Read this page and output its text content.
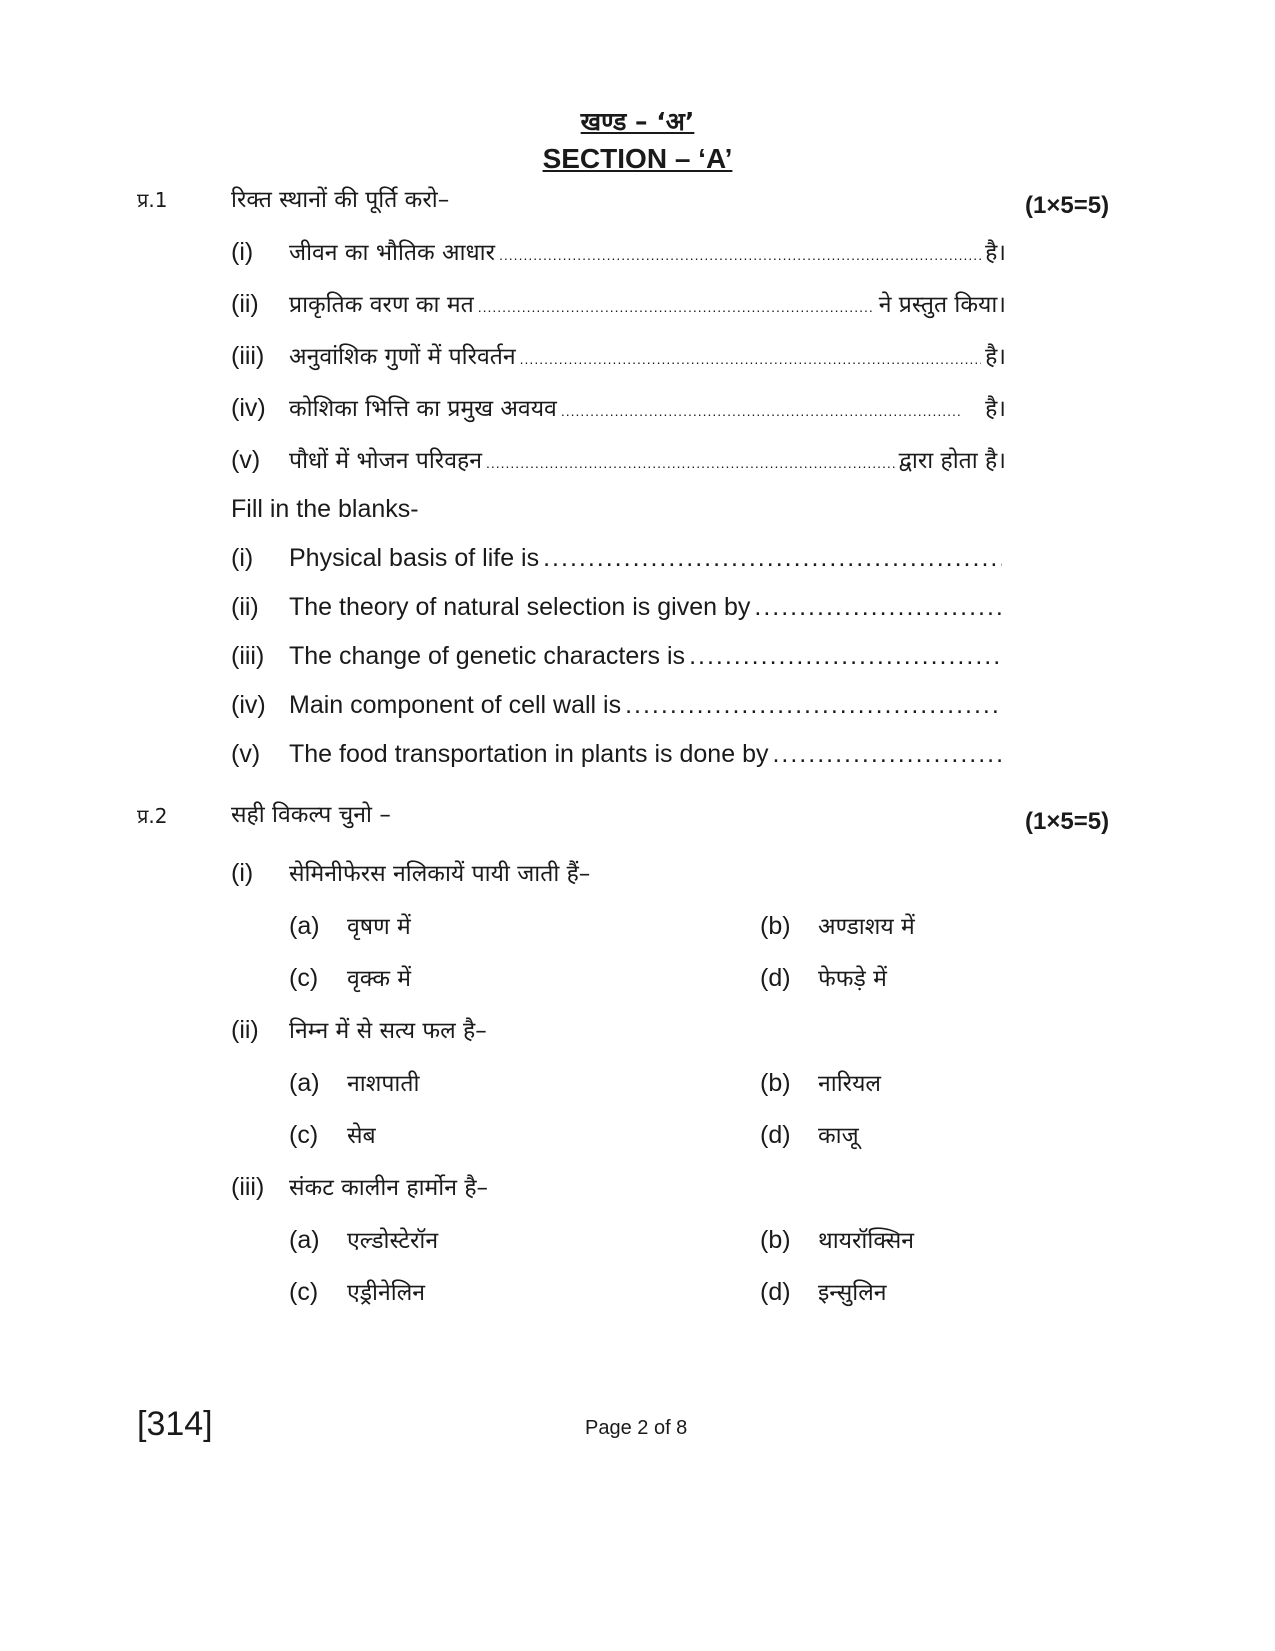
खण्ड – ‘अ’
SECTION – ‘A’
प्र.1	रिक्त स्थानों की पूर्ति करो–	(1×5=5)
(i)	जीवन का भौतिक आधार .....	है।
(ii)	प्राकृतिक वरण का मत .....	ने प्रस्तुत किया।
(iii)	अनुवांशिक गुणों में परिवर्तन .....	है।
(iv)	कोशिका भित्ति का प्रमुख अवयव .....	है।
(v)	पौधों में भोजन परिवहन .....	द्वारा होता है।
Fill in the blanks-
(i)	Physical basis of life is
.....
(ii)	The theory of natural selection is given by
.....
(iii) The change of genetic characters is
.....
(iv) Main component of cell wall is
.....
(v)	The food transportation in plants is done by
.....
प्र.2	सही विकल्प चुनो –	(1×5=5)
(i) सेमिनीफेरस नलिकायें पायी जाती हैं–
(a) वृषण में	(b) अण्डाशय में
(c) वृक्क में	(d) फेफड़े में
(ii) निम्न में से सत्य फल है–
(a) नाशपाती	(b) नारियल
(c) सेब	(d) काजू
(iii) संकट कालीन हार्मोन है–
(a) एल्डोस्टेरॉन	(b) थायरॉक्सिन
(c) एड्रीनेलिन	(d) इन्सुलिन
[314]	Page 2 of 8
